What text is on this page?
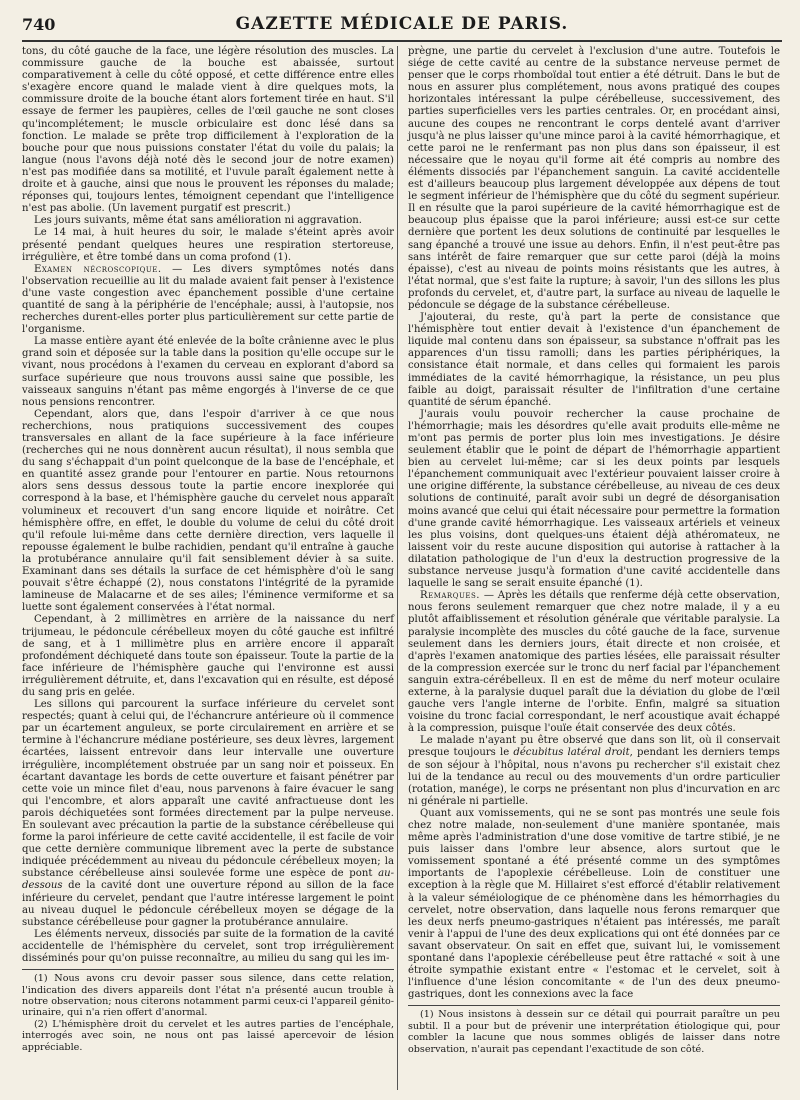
740	GAZETTE MÉDICALE DE PARIS.

tons, du côté gauche de la face, une légère résolution des muscles. La commissure gauche de la bouche est abaissée, surtout comparativement à celle du côté opposé, et cette différence entre elles s'exagère encore quand le malade vient à dire quelques mots, la commissure droite de la bouche étant alors fortement tirée en haut. S'il essaye de fermer les paupières, celles de l'œil gauche ne sont closes qu'incomplétement; le muscle orbiculaire est donc lésé dans sa fonction. Le malade se prête trop difficilement à l'exploration de la bouche pour que nous puissions constater l'état du voile du palais; la langue (nous l'avons déjà noté dès le second jour de notre examen) n'est pas modifiée dans sa motilité, et l'uvule paraît également nette à droite et à gauche, ainsi que nous le prouvent les réponses du malade; réponses qui, toujours lentes, témoignent cependant que l'intelligence n'est pas abolie. (Un lavement purgatif est prescrit.)

Les jours suivants, même état sans amélioration ni aggravation.

Le 14 mai, à huit heures du soir, le malade s'éteint après avoir présenté pendant quelques heures une respiration stertoreuse, irrégulière, et être tombé dans un coma profond (1).

Examen nécroscopique. — Les divers symptômes notés dans l'observation recueillie au lit du malade avaient fait penser à l'existence d'une vaste congestion avec épanchement possible d'une certaine quantité de sang à la périphérie de l'encéphale; aussi, à l'autopsie, nos recherches durent-elles porter plus particulièrement sur cette partie de l'organisme.

La masse entière ayant été enlevée de la boîte crânienne avec le plus grand soin et déposée sur la table dans la position qu'elle occupe sur le vivant, nous procédons à l'examen du cerveau en explorant d'abord sa surface supérieure que nous trouvons aussi saine que possible, les vaisseaux sanguins n'étant pas même engorgés à l'inverse de ce que nous pensions rencontrer.

Cependant, alors que, dans l'espoir d'arriver à ce que nous recherchions, nous pratiquions successivement des coupes transversales en allant de la face supérieure à la face inférieure (recherches qui ne nous donnèrent aucun résultat), il nous sembla que du sang s'échappait d'un point quelconque de la base de l'encéphale, et en quantité assez grande pour l'entourer en partie. Nous retournons alors sens dessus dessous toute la partie encore inexplorée qui correspond à la base, et l'hémisphère gauche du cervelet nous apparaît volumineux et recouvert d'un sang encore liquide et noirâtre. Cet hémisphère offre, en effet, le double du volume de celui du côté droit qu'il refoule lui-même dans cette dernière direction, vers laquelle il repousse également le bulbe rachidien, pendant qu'il entraîne à gauche la protubérance annulaire qu'il fait sensiblement dévier à sa suite. Examinant dans ses détails la surface de cet hémisphère d'où le sang pouvait s'être échappé (2), nous constatons l'intégrité de la pyramide lamineuse de Malacarne et de ses ailes; l'éminence vermiforme et sa luette sont également conservées à l'état normal.

Cependant, à 2 millimètres en arrière de la naissance du nerf trijumeau, le pédoncule cérébelleux moyen du côté gauche est infiltré de sang, et à 1 millimètre plus en arrière encore il apparaît profondément déchiqueté dans toute son épaisseur. Toute la partie de la face inférieure de l'hémisphère gauche qui l'environne est aussi irrégulièrement détruite, et, dans l'excavation qui en résulte, est déposé du sang pris en gelée.

Les sillons qui parcourent la surface inférieure du cervelet sont respectés; quant à celui qui, de l'échancrure antérieure où il commence par un écartement anguleux, se porte circulairement en arrière et se termine à l'échancrure médiane postérieure, ses deux lèvres, largement écartées, laissent entrevoir dans leur intervalle une ouverture irrégulière, incomplétement obstruée par un sang noir et poisseux. En écartant davantage les bords de cette ouverture et faisant pénétrer par cette voie un mince filet d'eau, nous parvenons à faire évacuer le sang qui l'encombre, et alors apparaît une cavité anfractueuse dont les parois déchiquetées sont formées directement par la pulpe nerveuse. En soulevant avec précaution la partie de la substance cérébelleuse qui forme la paroi inférieure de cette cavité accidentelle, il est facile de voir que cette dernière communique librement avec la perte de substance indiquée précédemment au niveau du pédoncule cérébelleux moyen; la substance cérébelleuse ainsi soulevée forme une espèce de pont au-dessous de la cavité dont une ouverture répond au sillon de la face inférieure du cervelet, pendant que l'autre intéresse largement le point au niveau duquel le pédoncule cérébelleux moyen se dégage de la substance cérébelleuse pour gagner la protubérance annulaire.

Les éléments nerveux, dissociés par suite de la formation de la cavité accidentelle de l'hémisphère du cervelet, sont trop irrégulièrement disséminés pour qu'on puisse reconnaître, au milieu du sang qui les im-

(1) Nous avons cru devoir passer sous silence, dans cette relation, l'indication des divers appareils dont l'état n'a présenté aucun trouble à notre observation; nous citerons notamment parmi ceux-ci l'appareil génito-urinaire, qui n'a rien offert d'anormal.

(2) L'hémisphère droit du cervelet et les autres parties de l'encéphale, interrogés avec soin, ne nous ont pas laissé apercevoir de lésion appréciable.

prègne, une partie du cervelet à l'exclusion d'une autre. Toutefois le siége de cette cavité au centre de la substance nerveuse permet de penser que le corps rhomboïdal tout entier a été détruit. Dans le but de nous en assurer plus complétement, nous avons pratiqué des coupes horizontales intéressant la pulpe cérébelleuse, successivement, des parties superficielles vers les parties centrales. Or, en procédant ainsi, aucune des coupes ne rencontrant le corps dentelé avant d'arriver jusqu'à ne plus laisser qu'une mince paroi à la cavité hémorrhagique, et cette paroi ne le renfermant pas non plus dans son épaisseur, il est nécessaire que le noyau qu'il forme ait été compris au nombre des éléments dissociés par l'épanchement sanguin. La cavité accidentelle est d'ailleurs beaucoup plus largement développée aux dépens de tout le segment inférieur de l'hémisphère que du côté du segment supérieur. Il en résulte que la paroi supérieure de la cavité hémorrhagique est de beaucoup plus épaisse que la paroi inférieure; aussi est-ce sur cette dernière que portent les deux solutions de continuité par lesquelles le sang épanché a trouvé une issue au dehors. Enfin, il n'est peut-être pas sans intérêt de faire remarquer que sur cette paroi (déjà la moins épaisse), c'est au niveau de points moins résistants que les autres, à l'état normal, que s'est faite la rupture; à savoir, l'un des sillons les plus profonds du cervelet, et, d'autre part, la surface au niveau de laquelle le pédoncule se dégage de la substance cérébelleuse.

J'ajouterai, du reste, qu'à part la perte de consistance que l'hémisphère tout entier devait à l'existence d'un épanchement de liquide mal contenu dans son épaisseur, sa substance n'offrait pas les apparences d'un tissu ramolli; dans les parties périphériques, la consistance était normale, et dans celles qui formaient les parois immédiates de la cavité hémorrhagique, la résistance, un peu plus faible au doigt, paraissait résulter de l'infiltration d'une certaine quantité de sérum épanché.

J'aurais voulu pouvoir rechercher la cause prochaine de l'hémorrhagie; mais les désordres qu'elle avait produits elle-même ne m'ont pas permis de porter plus loin mes investigations. Je désire seulement établir que le point de départ de l'hémorrhagie appartient bien au cervelet lui-même; car si les deux points par lesquels l'épanchement communiquait avec l'extérieur pouvaient laisser croire à une origine différente, la substance cérébelleuse, au niveau de ces deux solutions de continuité, paraît avoir subi un degré de désorganisation moins avancé que celui qui était nécessaire pour permettre la formation d'une grande cavité hémorrhagique. Les vaisseaux artériels et veineux les plus voisins, dont quelques-uns étaient déjà athéromateux, ne laissent voir du reste aucune disposition qui autorise à rattacher à la dilatation pathologique de l'un d'eux la destruction progressive de la substance nerveuse jusqu'à formation d'une cavité accidentelle dans laquelle le sang se serait ensuite épanché (1).

Remarques. — Après les détails que renferme déjà cette observation, nous ferons seulement remarquer que chez notre malade, il y a eu plutôt affaiblissement et résolution générale que véritable paralysie. La paralysie incomplète des muscles du côté gauche de la face, survenue seulement dans les derniers jours, était directe et non croisée, et d'après l'examen anatomique des parties lésées, elle paraissait résulter de la compression exercée sur le tronc du nerf facial par l'épanchement sanguin extra-cérébelleux. Il en est de même du nerf moteur oculaire externe, à la paralysie duquel paraît due la déviation du globe de l'œil gauche vers l'angle interne de l'orbite. Enfin, malgré sa situation voisine du tronc facial correspondant, le nerf acoustique avait échappé à la compression, puisque l'ouïe était conservée des deux côtés.

Le malade n'ayant pu être observé que dans son lit, où il conservait presque toujours le décubitus latéral droit, pendant les derniers temps de son séjour à l'hôpital, nous n'avons pu rechercher s'il existait chez lui de la tendance au recul ou des mouvements d'un ordre particulier (rotation, manége), le corps ne présentant non plus d'incurvation en arc ni générale ni partielle.

Quant aux vomissements, qui ne se sont pas montrés une seule fois chez notre malade, non-seulement d'une manière spontanée, mais même après l'administration d'une dose vomitive de tartre stibié, je ne puis laisser dans l'ombre leur absence, alors surtout que le vomissement spontané a été présenté comme un des symptômes importants de l'apoplexie cérébelleuse. Loin de constituer une exception à la règle que M. Hillairet s'est efforcé d'établir relativement à la valeur séméiologique de ce phénomène dans les hémorrhagies du cervelet, notre observation, dans laquelle nous ferons remarquer que les deux nerfs pneumo-gastriques n'étaient pas intéressés, me paraît venir à l'appui de l'une des deux explications qui ont été données par ce savant observateur. On sait en effet que, suivant lui, le vomissement spontané dans l'apoplexie cérébelleuse peut être rattaché « soit à une étroite sympathie existant entre « l'estomac et le cervelet, soit à l'influence d'une lésion concomitante « de l'un des deux pneumo-gastriques, dont les connexions avec la face

(1) Nous insistons à dessein sur ce détail qui pourrait paraître un peu subtil. Il a pour but de prévenir une interprétation étiologique qui, pour combler la lacune que nous sommes obligés de laisser dans notre observation, n'aurait pas cependant l'exactitude de son côté.
